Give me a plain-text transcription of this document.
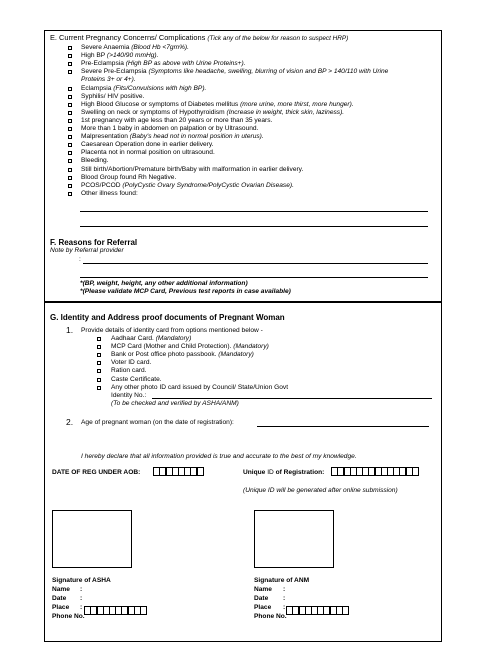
E. Current Pregnancy Concerns/ Complications (Tick any of the below for reason to suspect HRP)
Severe Anaemia (Blood Hb <7gm%).
High BP (>140/90 mmHg).
Pre-Eclampsia (High BP as above with Urine Proteins+).
Severe Pre-Eclampsia (Symptoms like headache, swelling, blurring of vision and BP > 140/110 with Urine
Proteins 3+ or 4+).
Eclampsia (Fits/Convulsions with high BP).
Syphilis/ HIV positive.
High Blood Glucose or symptoms of Diabetes mellitus (more urine, more thirst, more hunger).
Swelling on neck or symptoms of Hypothyroidism (Increase in weight, thick skin, laziness).
1st pregnancy with age less than 20 years or more than 35 years.
More than 1 baby in abdomen on palpation or by Ultrasound.
Malpresentation (Baby's head not in normal position in uterus).
Caesarean Operation done in earlier delivery.
Placenta not in normal position on ultrasound.
Bleeding.
Still birth/Abortion/Premature birth/Baby with malformation in earlier delivery.
Blood Group found Rh Negative.
PCOS/PCOD (PolyCystic Ovary Syndrome/PolyCystic Ovarian Disease).
Other illness found:
F. Reasons for Referral
Note by Referral provider
:
*(BP, weight, height, any other additional information)
*(Please validate MCP Card, Previous test reports in case available)
G. Identity and Address proof documents of Pregnant Woman
1. Provide details of identity card from options mentioned below -
Aadhaar Card. (Mandatory)
MCP Card (Mother and Child Protection). (Mandatory)
Bank or Post office photo passbook. (Mandatory)
Voter ID card.
Ration card.
Caste Certificate.
Any other photo ID card issued by Council/ State/Union Govt
Identity No.:
(To be checked and verified by ASHA/ANM)
2. Age of pregnant woman (on the date of registration):
I hereby declare that all information provided is true and accurate to the best of my knowledge.
DATE OF REG UNDER AOB:	Unique ID of Registration:
(Unique ID will be generated after online submission)
Signature of ASHA
Name :
Date :
Place :
Phone No.
Signature of ANM
Name :
Date :
Place :
Phone No.
